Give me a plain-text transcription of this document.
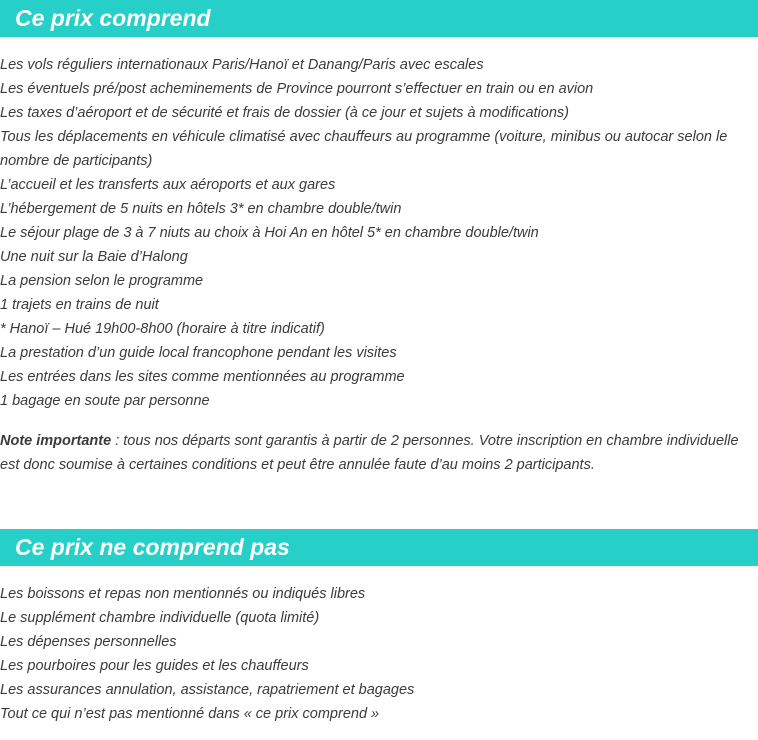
Ce prix comprend
Les vols réguliers internationaux Paris/Hanoï et Danang/Paris avec escales
Les éventuels pré/post acheminements de Province pourront s’effectuer en train ou en avion
Les taxes d’aéroport et de sécurité et frais de dossier (à ce jour et sujets à modifications)
Tous les déplacements en véhicule climatisé avec chauffeurs au programme (voiture, minibus ou autocar selon le nombre de participants)
L’accueil et les transferts aux aéroports et aux gares
L’hébergement de 5 nuits en hôtels 3* en chambre double/twin
Le séjour plage de 3 à 7 niuts au choix à Hoi An en hôtel 5* en chambre double/twin
Une nuit sur la Baie d’Halong
La pension selon le programme
1 trajets en trains de nuit
* Hanoï – Hué 19h00-8h00 (horaire à titre indicatif)
La prestation d’un guide local francophone pendant les visites
Les entrées dans les sites comme mentionnées au programme
1 bagage en soute par personne
Note importante : tous nos départs sont garantis à partir de 2 personnes. Votre inscription en chambre individuelle est donc soumise à certaines conditions et peut être annulée faute d’au moins 2 participants.
Ce prix ne comprend pas
Les boissons et repas non mentionnés ou indiqués libres
Le supplément chambre individuelle (quota limité)
Les dépenses personnelles
Les pourboires pour les guides et les chauffeurs
Les assurances annulation, assistance, rapatriement et bagages
Tout ce qui n’est pas mentionné dans « ce prix comprend »
